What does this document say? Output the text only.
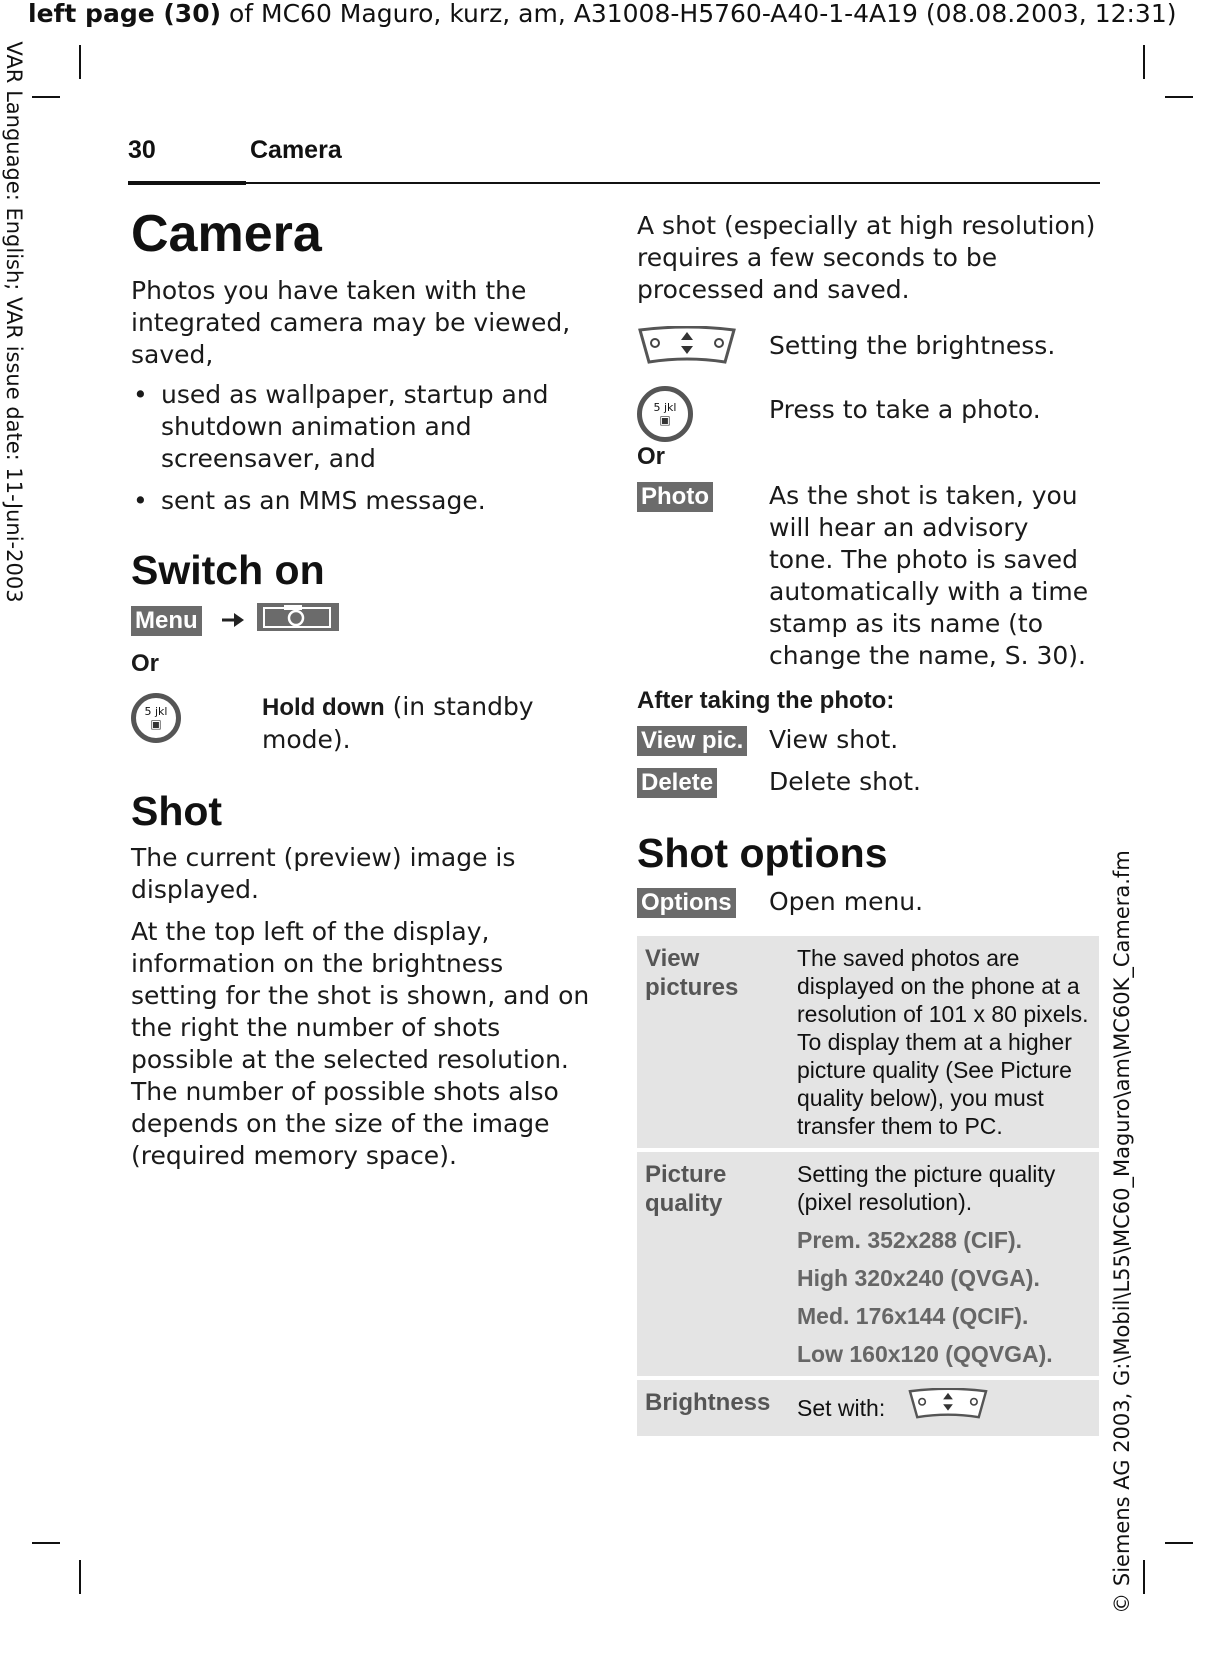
left page (30) of MC60 Maguro, kurz, am, A31008-H5760-A40-1-4A19 (08.08.2003, 12:31)
VAR Language: English; VAR issue date: 11-Juni-2003
© Siemens AG 2003, G:\Mobil\L55\MC60_Maguro\am\MC60K_Camera.fm
30	Camera
Camera

Photos you have taken with the integrated camera may be viewed, saved,

• used as wallpaper, startup and shutdown animation and screensaver, and
• sent as an MMS message.
Switch on
Menu
Or
5 jkl
▣
Hold down (in standby mode).
Shot

The current (preview) image is displayed.

At the top left of the display, information on the brightness setting for the shot is shown, and on the right the number of shots possible at the selected resolution. The number of possible shots also depends on the size of the image (required memory space).

A shot (especially at high resolution) requires a few seconds to be processed and saved.

Setting the brightness.
5 jkl
▣	Press to take a photo.
Or
Photo	As the shot is taken, you will hear an advisory tone. The photo is saved automatically with a time stamp as its name (to change the name, S. 30).
After taking the photo:
View pic.	View shot.
Delete	Delete shot.
Shot options
Options	Open menu.
View pictures	The saved photos are displayed on the phone at a resolution of 101 x 80 pixels. To display them at a higher picture quality (See Picture quality below), you must transfer them to PC.
Picture quality	Setting the picture quality (pixel resolution).
Prem. 352x288 (CIF).
High 320x240 (QVGA).
Med. 176x144 (QCIF).
Low 160x120 (QQVGA).

Brightness	Set with:
